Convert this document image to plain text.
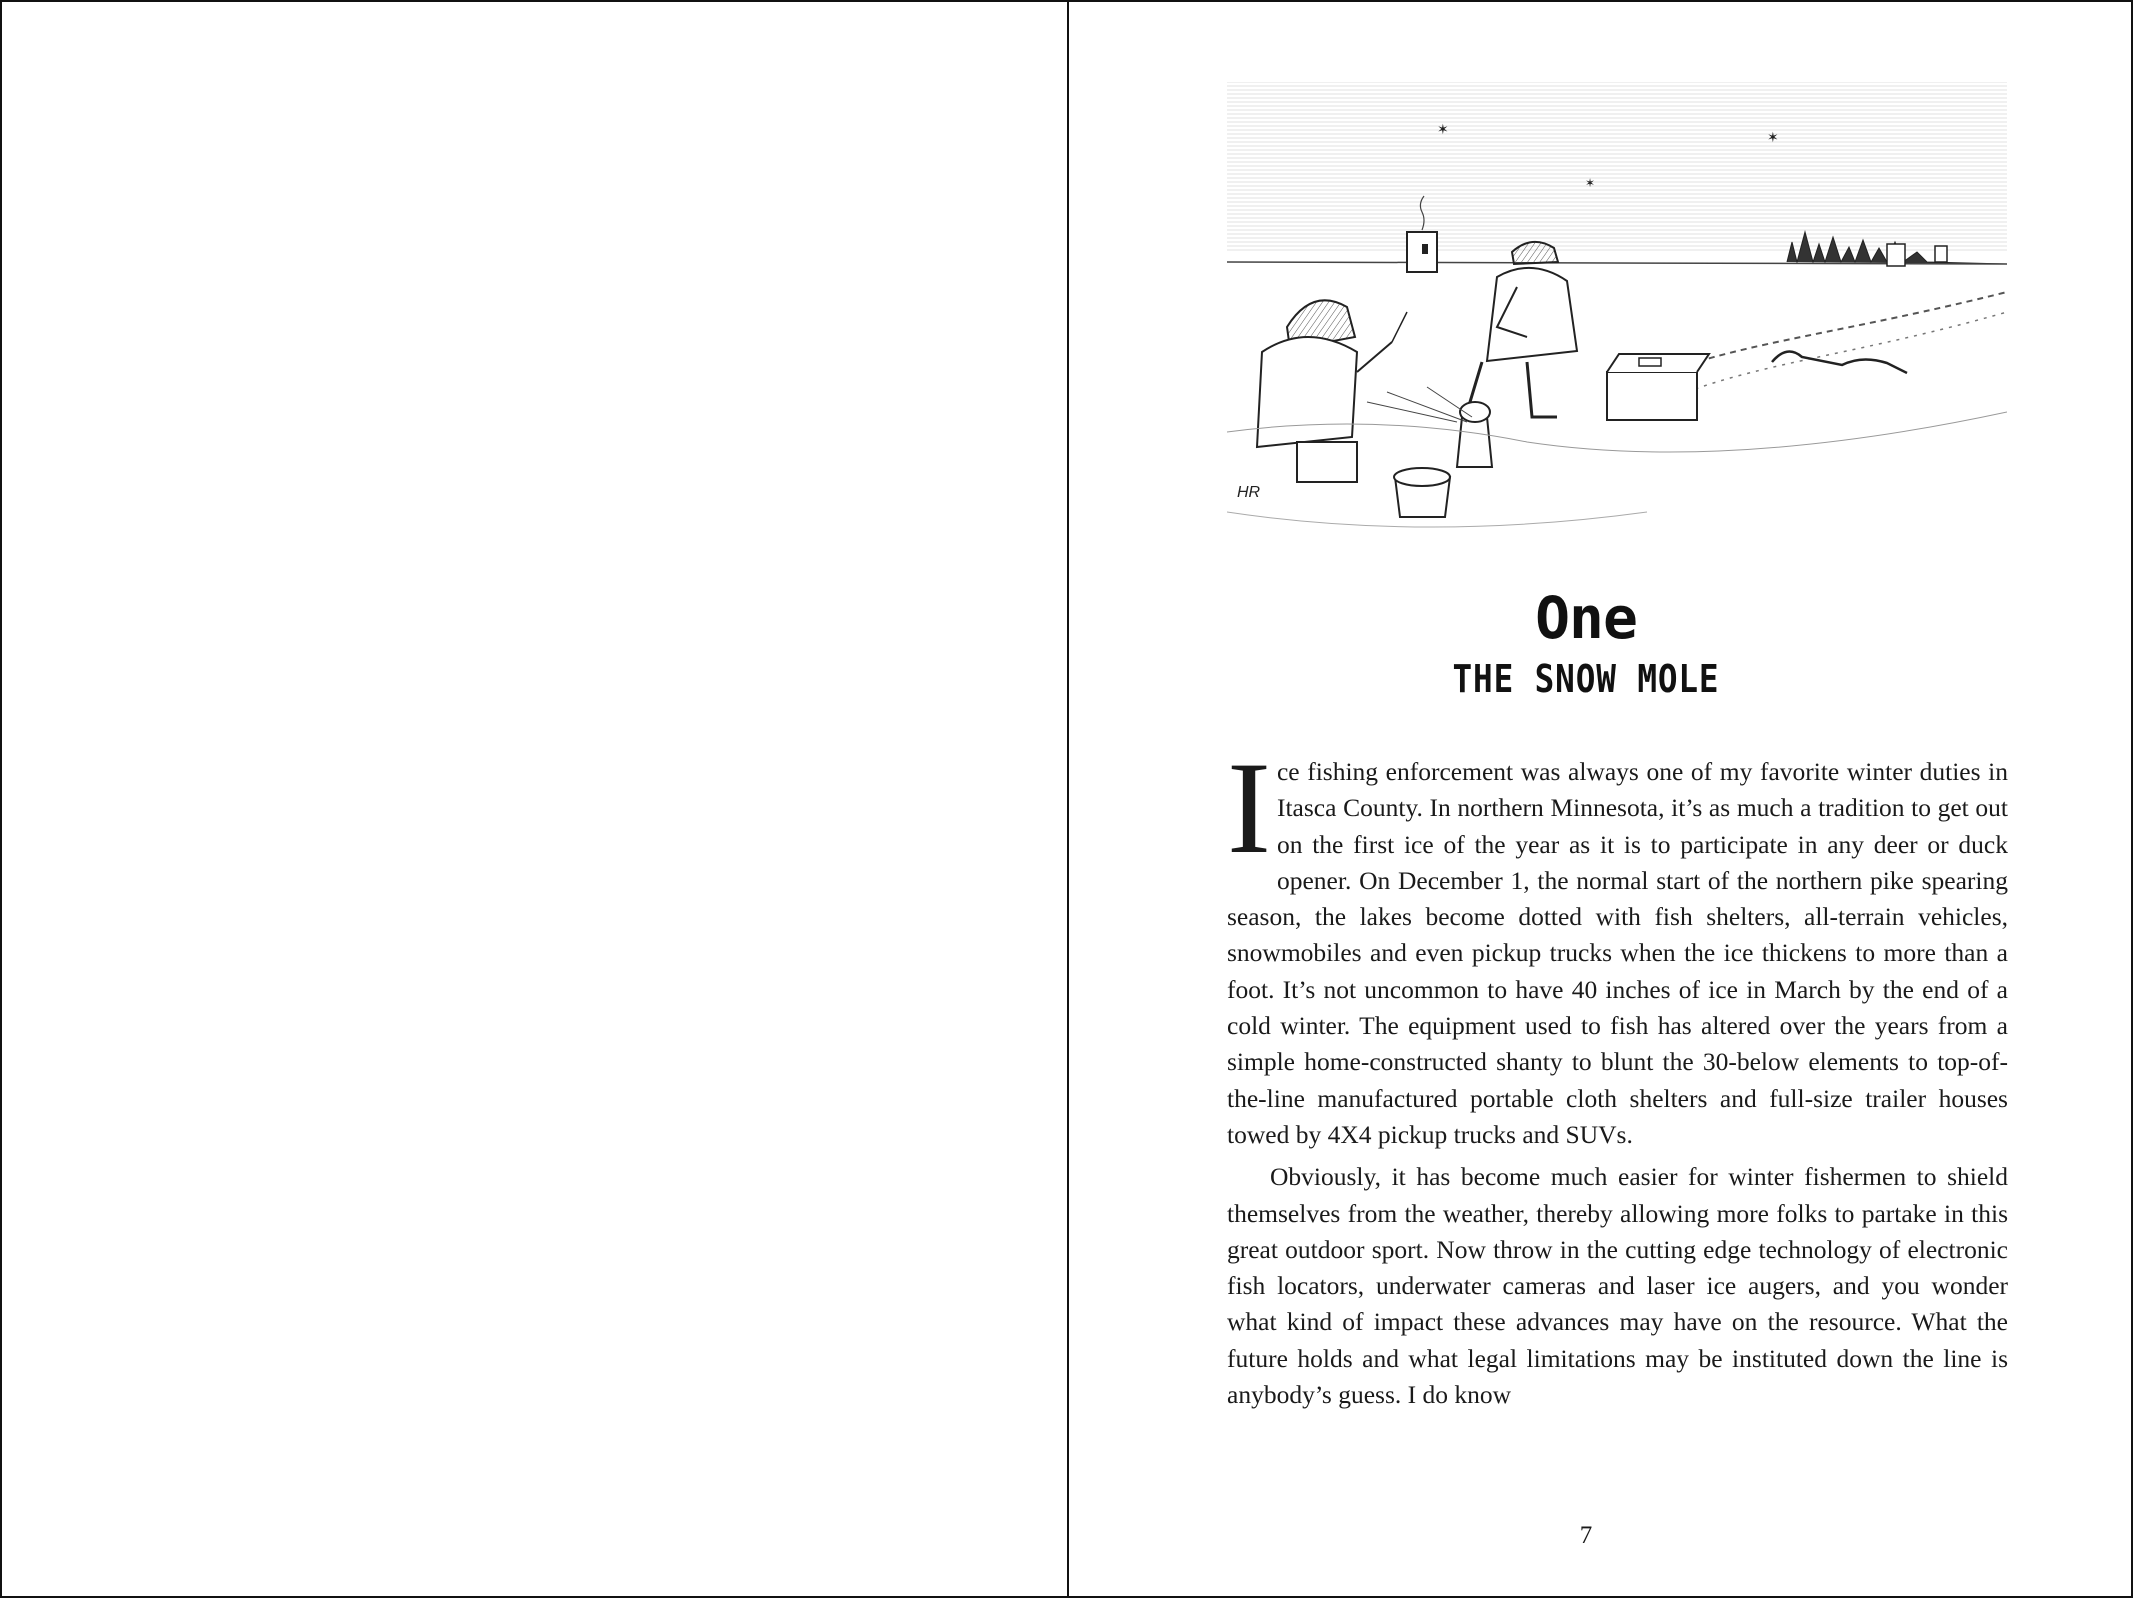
✶
✶
✶
HR
One
THE SNOW MOLE

Ice fishing enforcement was always one of my favorite winter duties in Itasca County. In northern Minnesota, it’s as much a tradition to get out on the first ice of the year as it is to participate in any deer or duck opener. On December 1, the normal start of the northern pike spearing season, the lakes become dotted with fish shelters, all-terrain vehicles, snowmobiles and even pickup trucks when the ice thickens to more than a foot. It’s not uncommon to have 40 inches of ice in March by the end of a cold winter. The equipment used to fish has altered over the years from a simple home-constructed shanty to blunt the 30-below elements to top-of-the-line manufactured portable cloth shelters and full-size trailer houses towed by 4X4 pickup trucks and SUVs.

Obviously, it has become much easier for winter fishermen to shield themselves from the weather, thereby allowing more folks to partake in this great outdoor sport. Now throw in the cutting edge technology of electronic fish locators, underwater cameras and laser ice augers, and you wonder what kind of impact these advances may have on the resource. What the future holds and what legal limitations may be instituted down the line is anybody’s guess. I do know

7
